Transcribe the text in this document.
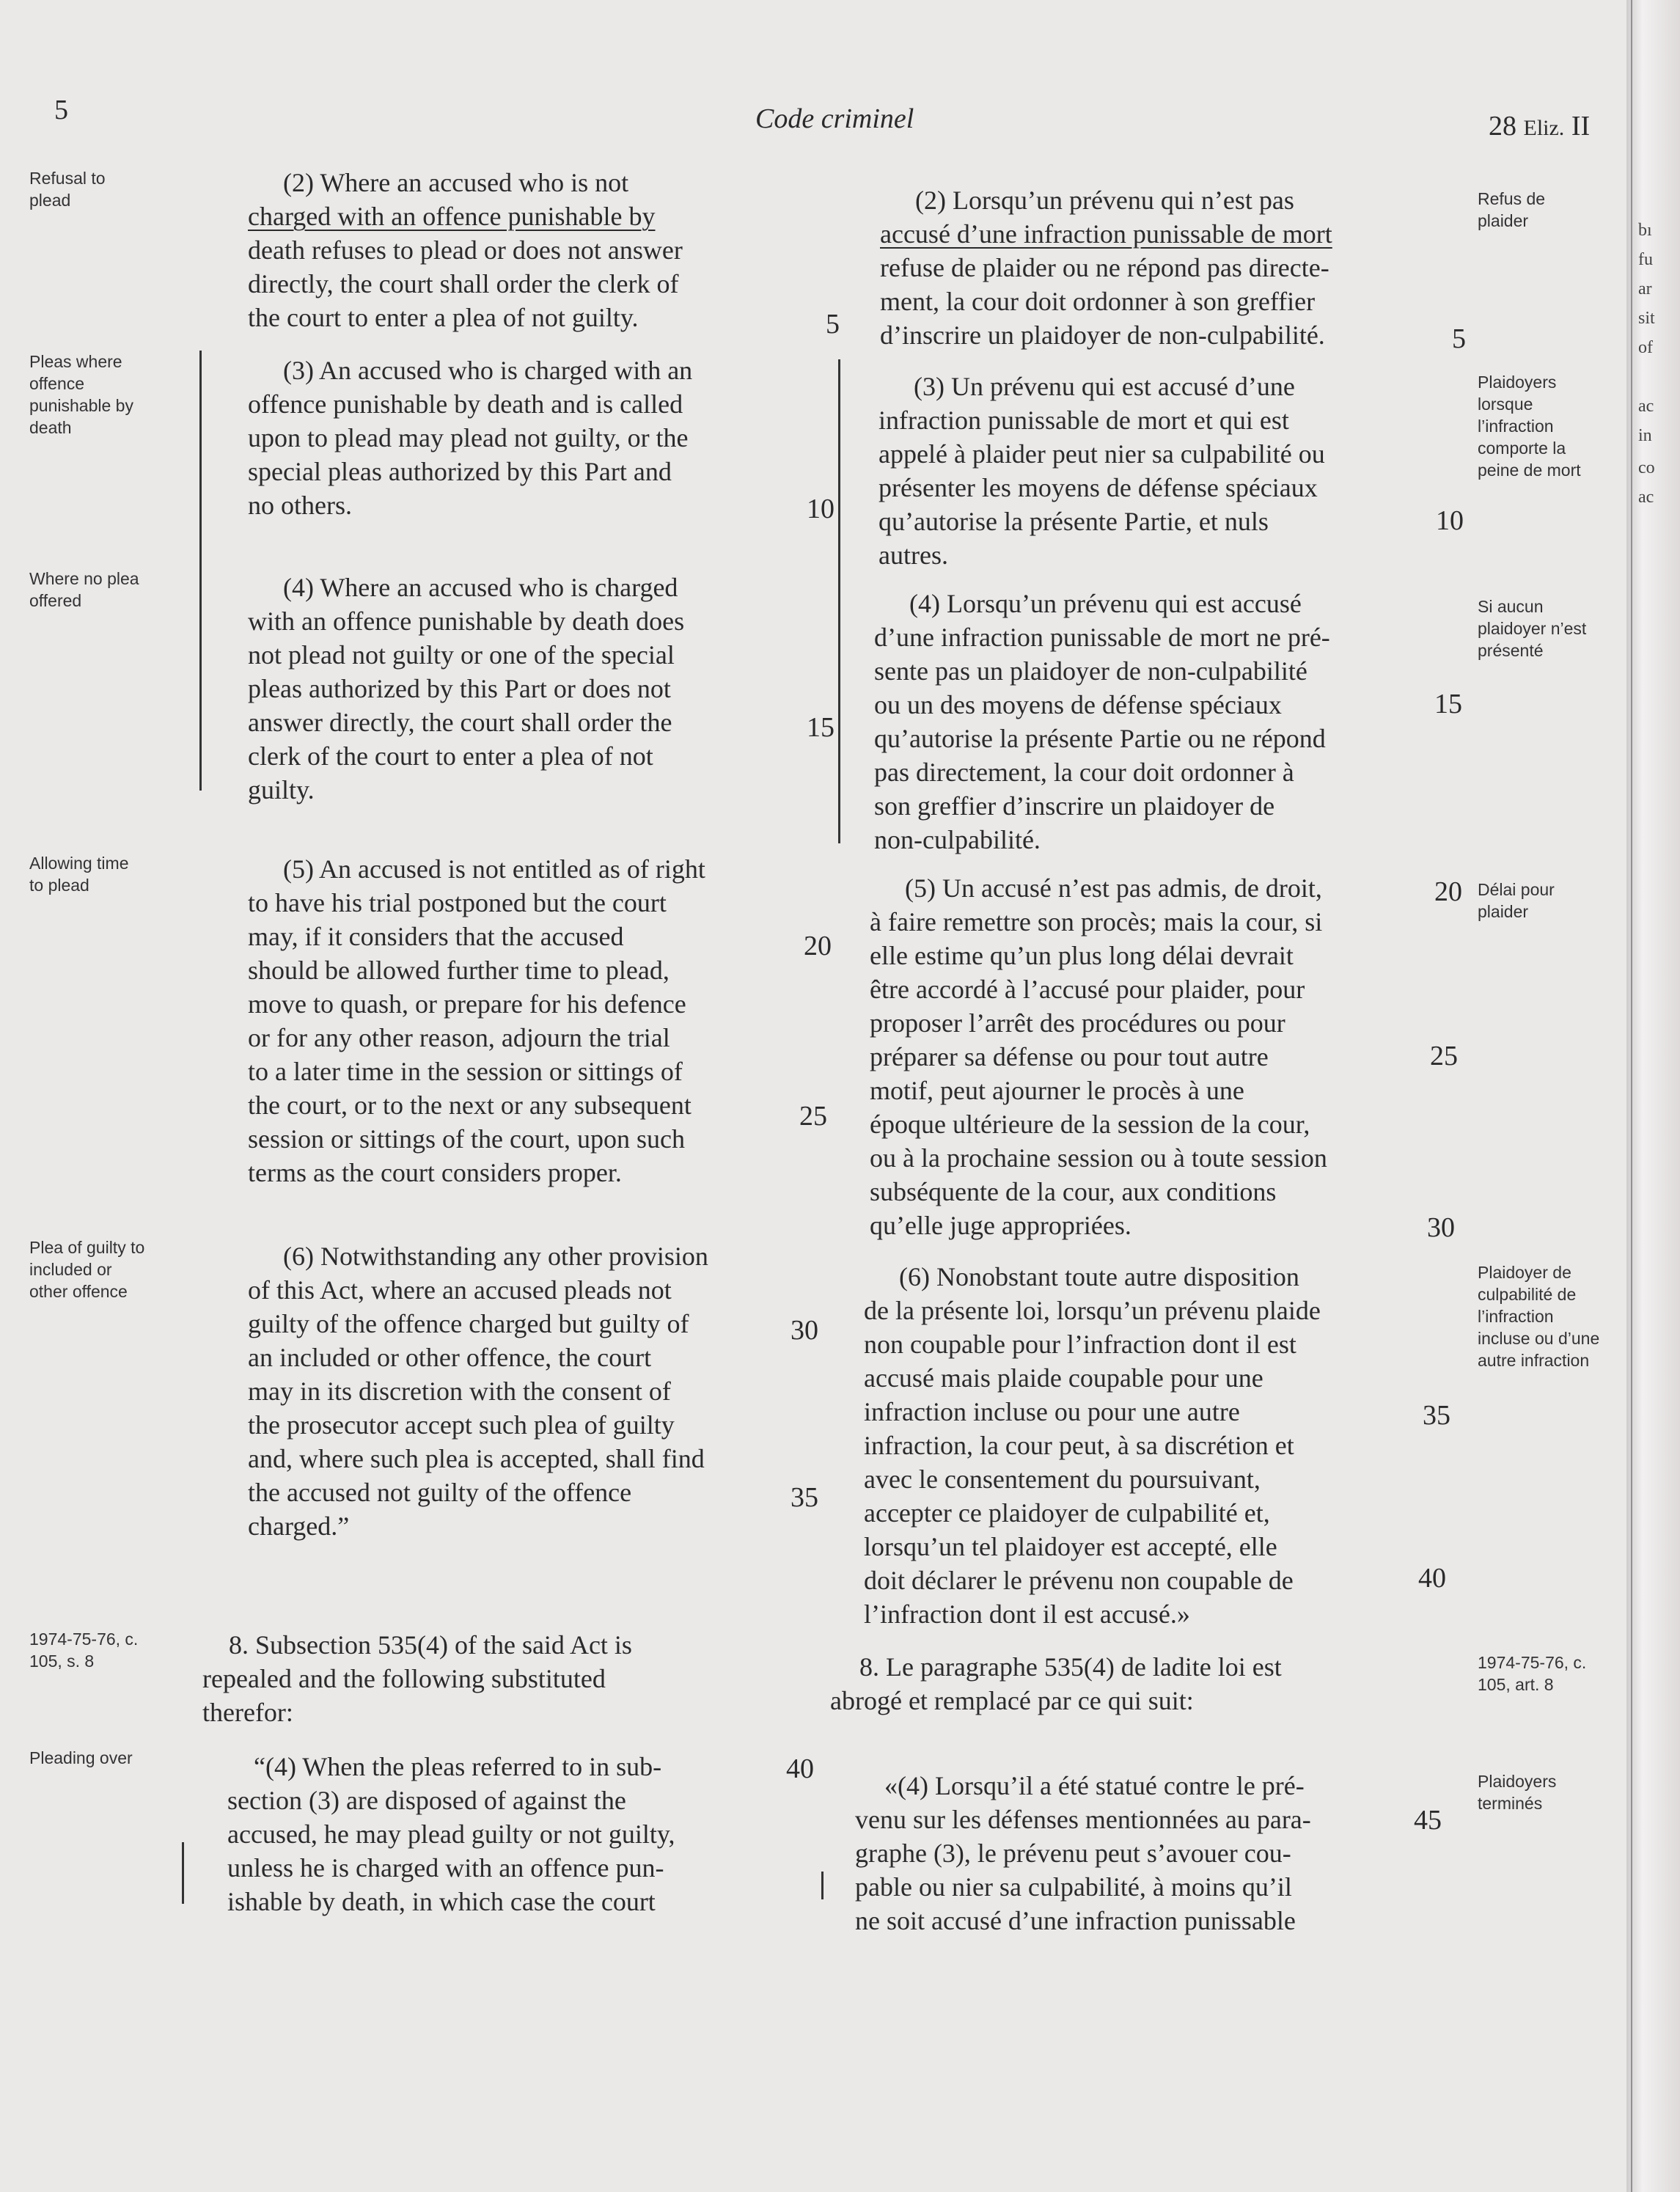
5	Code criminel	28 Eliz. II
Refusal to
plead
Pleas where
offence
punishable by
death
Where no plea
offered
Allowing time
to plead
Plea of guilty to
included or
other offence
1974-75-76, c.
105, s. 8
Pleading over
Refus de
plaider
Plaidoyers
lorsque
l’infraction
comporte la
peine de mort
Si aucun
plaidoyer n’est
présenté
Délai pour
plaider
Plaidoyer de
culpabilité de
l’infraction
incluse ou d’une
autre infraction
1974-75-76, c.
105, art. 8
Plaidoyers
terminés
(2) Where an accused who is not
charged with an offence punishable by
death refuses to plead or does not answer
directly, the court shall order the clerk of
the court to enter a plea of not guilty.
(3) An accused who is charged with an
offence punishable by death and is called
upon to plead may plead not guilty, or the
special pleas authorized by this Part and
no others.
(4) Where an accused who is charged
with an offence punishable by death does
not plead not guilty or one of the special
pleas authorized by this Part or does not
answer directly, the court shall order the
clerk of the court to enter a plea of not
guilty.
(5) An accused is not entitled as of right
to have his trial postponed but the court
may, if it considers that the accused
should be allowed further time to plead,
move to quash, or prepare for his defence
or for any other reason, adjourn the trial
to a later time in the session or sittings of
the court, or to the next or any subsequent
session or sittings of the court, upon such
terms as the court considers proper.
(6) Notwithstanding any other provision
of this Act, where an accused pleads not
guilty of the offence charged but guilty of
an included or other offence, the court
may in its discretion with the consent of
the prosecutor accept such plea of guilty
and, where such plea is accepted, shall find
the accused not guilty of the offence
charged.”
8. Subsection 535(4) of the said Act is
repealed and the following substituted
therefor:
“(4) When the pleas referred to in sub-
section (3) are disposed of against the
accused, he may plead guilty or not guilty,
unless he is charged with an offence pun-
ishable by death, in which case the court
5
10
15
20
25
30
35
40
(2) Lorsqu’un prévenu qui n’est pas
accusé d’une infraction punissable de mort
refuse de plaider ou ne répond pas directe-
ment, la cour doit ordonner à son greffier
d’inscrire un plaidoyer de non-culpabilité.
(3) Un prévenu qui est accusé d’une
infraction punissable de mort et qui est
appelé à plaider peut nier sa culpabilité ou
présenter les moyens de défense spéciaux
qu’autorise la présente Partie, et nuls
autres.
(4) Lorsqu’un prévenu qui est accusé
d’une infraction punissable de mort ne pré-
sente pas un plaidoyer de non-culpabilité
ou un des moyens de défense spéciaux
qu’autorise la présente Partie ou ne répond
pas directement, la cour doit ordonner à
son greffier d’inscrire un plaidoyer de
non-culpabilité.
(5) Un accusé n’est pas admis, de droit,
à faire remettre son procès; mais la cour, si
elle estime qu’un plus long délai devrait
être accordé à l’accusé pour plaider, pour
proposer l’arrêt des procédures ou pour
préparer sa défense ou pour tout autre
motif, peut ajourner le procès à une
époque ultérieure de la session de la cour,
ou à la prochaine session ou à toute session
subséquente de la cour, aux conditions
qu’elle juge appropriées.
(6) Nonobstant toute autre disposition
de la présente loi, lorsqu’un prévenu plaide
non coupable pour l’infraction dont il est
accusé mais plaide coupable pour une
infraction incluse ou pour une autre
infraction, la cour peut, à sa discrétion et
avec le consentement du poursuivant,
accepter ce plaidoyer de culpabilité et,
lorsqu’un tel plaidoyer est accepté, elle
doit déclarer le prévenu non coupable de
l’infraction dont il est accusé.»
8. Le paragraphe 535(4) de ladite loi est
abrogé et remplacé par ce qui suit:
«(4) Lorsqu’il a été statué contre le pré-
venu sur les défenses mentionnées au para-
graphe (3), le prévenu peut s’avouer cou-
pable ou nier sa culpabilité, à moins qu’il
ne soit accusé d’une infraction punissable
5
10
15
20
25
30
35
40
45
bı
fu
ar
sit
of
ac
in
co
ac
